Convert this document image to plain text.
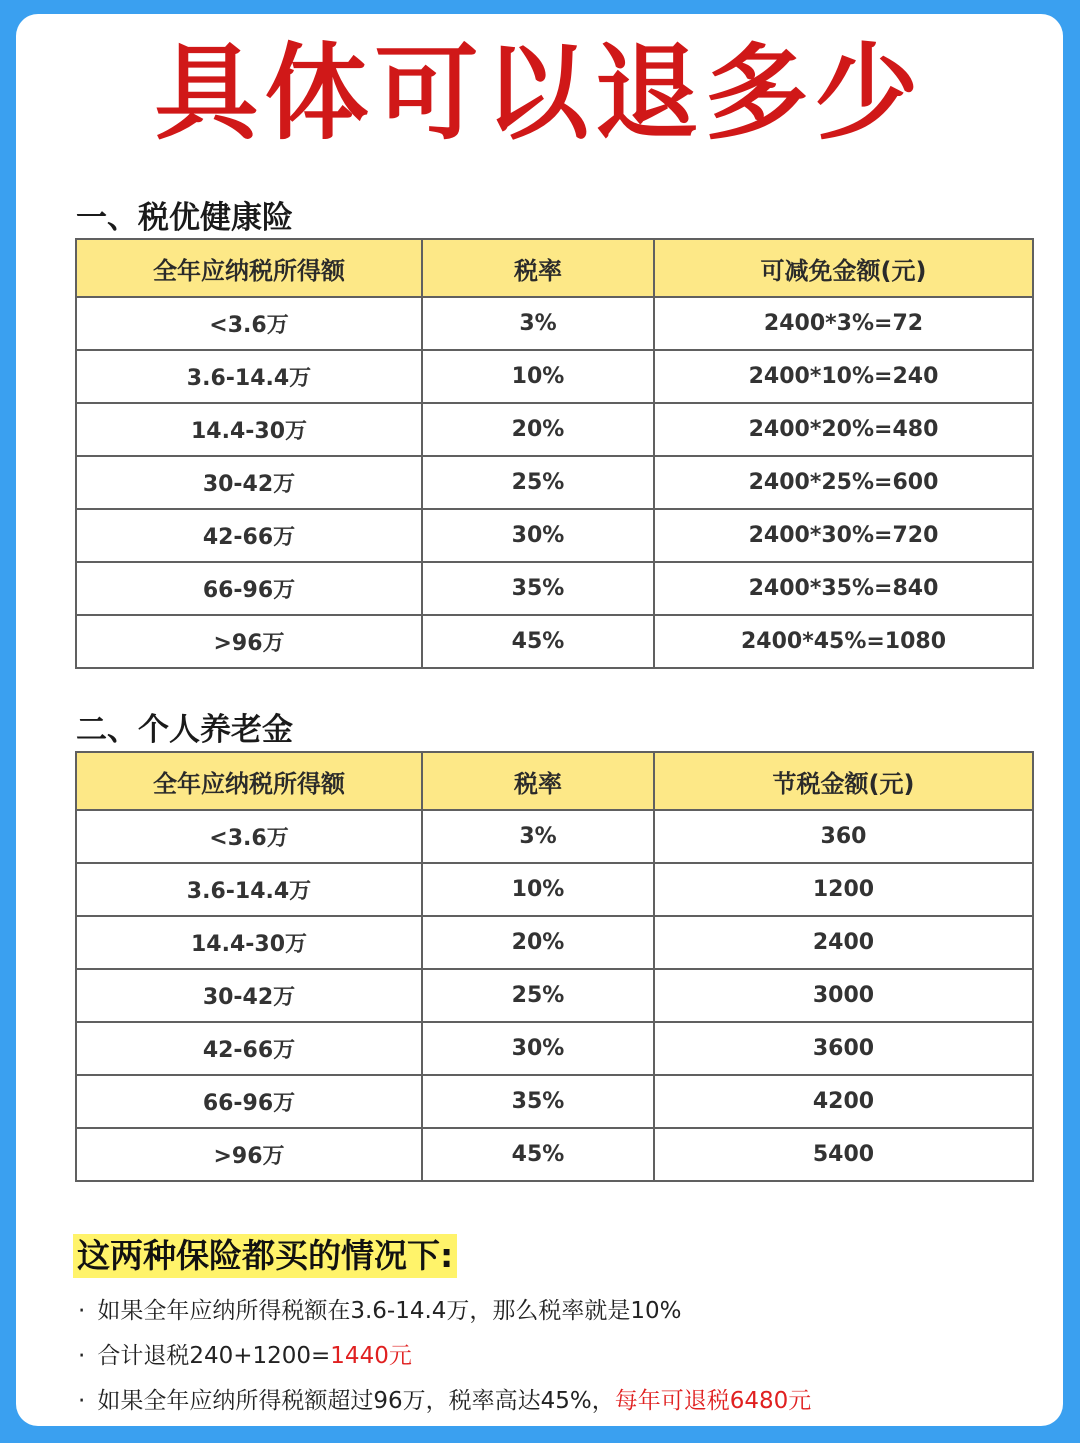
具体可以退多少
一、税优健康险
全年应纳税所得额	税率	可减免金额(元)
<3.6万	3%	2400*3%=72
3.6-14.4万	10%	2400*10%=240
14.4-30万	20%	2400*20%=480
30-42万	25%	2400*25%=600
42-66万	30%	2400*30%=720
66-96万	35%	2400*35%=840
>96万	45%	2400*45%=1080
二、个人养老金
全年应纳税所得额	税率	节税金额(元)
<3.6万	3%	360
3.6-14.4万	10%	1200
14.4-30万	20%	2400
30-42万	25%	3000
42-66万	30%	3600
66-96万	35%	4200
>96万	45%	5400
这两种保险都买的情况下:
· 如果全年应纳所得税额在3.6-14.4万，那么税率就是10%
· 合计退税240+1200=1440元
· 如果全年应纳所得税额超过96万，税率高达45%，每年可退税6480元
